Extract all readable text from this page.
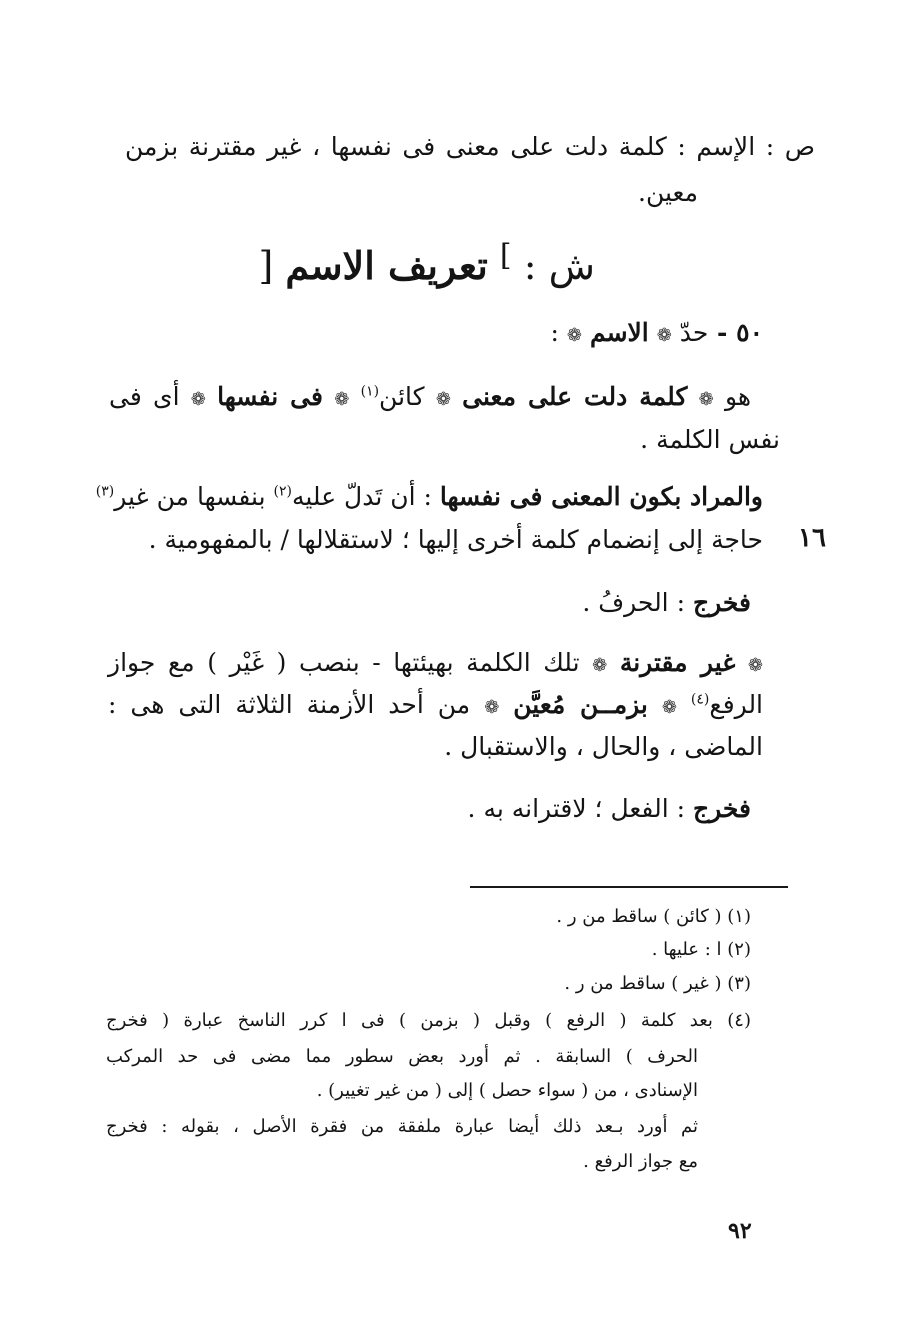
ص : الإسم : كلمة دلت على معنى فى نفسها ، غير مقترنة بزمن

معين.

ش : ] تعريف الاسم [

٥٠ - حدّ ❁ الاسم ❁ :

هو ❁ كلمة دلت على معنى ❁ كائن$^{(١)}$ ❁ فى نفسها ❁ أى فى

نفس الكلمة .

والمراد بكون المعنى فى نفسها : أن تَدلّ عليه$^{(٢)}$ بنفسها من غير$^{(٣)}$

حاجة إلى إنضمام كلمة أخرى إليها ؛ لاستقلالها / بالمفهومية . ١٦

فخرج : الحرفُ .

❁ غير مقترنة ❁ تلك الكلمة بهيئتها - بنصب ( غَيْر ) مع جواز

الرفع$^{(٤)}$ ❁ بزمــن مُعيَّن ❁ من أحد الأزمنة الثلاثة التى هى :

الماضى ، والحال ، والاستقبال .

فخرج : الفعل ؛ لاقترانه به .

(١) ( كائن ) ساقط من ر .
(٢) ا : عليها .
(٣) ( غير ) ساقط من ر .
(٤) بعد كلمة ( الرفع ) وقبل ( بزمن ) فى ا كرر الناسخ عبارة ( فخرج
الحرف ) السابقة . ثم أورد بعض سطور مما مضى فى حد المركب
الإسنادى ، من ( سواء حصل ) إلى ( من غير تغيير) .
ثم أورد بـعد ذلك أيضا عبارة ملفقة من فقرة الأصل ، بقوله : فخرج
مع جواز الرفع .
٩٢
